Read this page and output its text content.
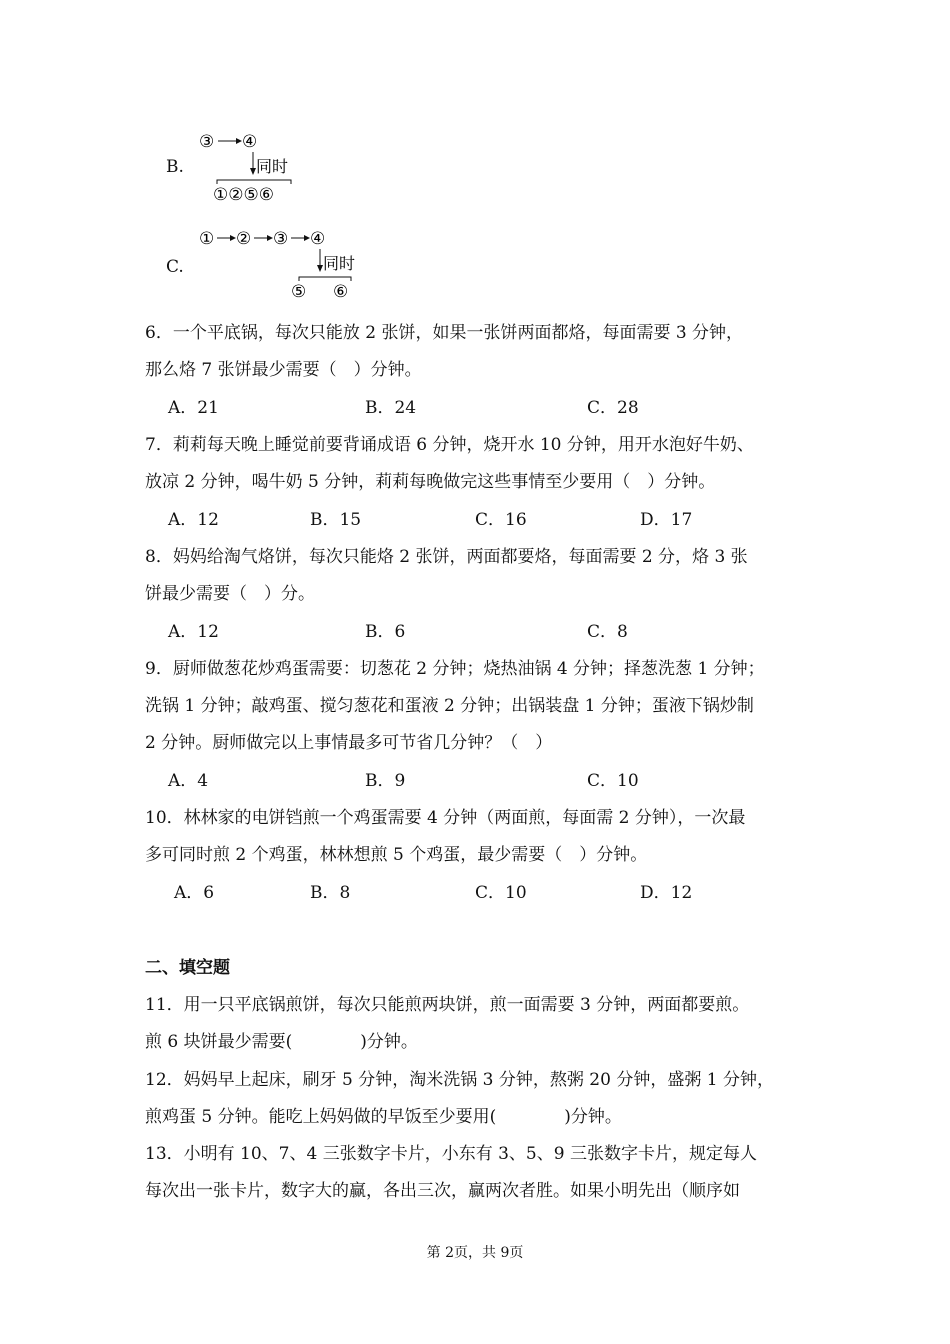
B.
③ ④
同时
①②⑤⑥
C.
① ② ③ ④
同时
⑤ ⑥
6．一个平底锅，每次只能放 2 张饼，如果一张饼两面都烙，每面需要 3 分钟，
那么烙 7 张饼最少需要（　）分钟。
A．21	B．24	C．28
7．莉莉每天晚上睡觉前要背诵成语 6 分钟，烧开水 10 分钟，用开水泡好牛奶、
放凉 2 分钟，喝牛奶 5 分钟，莉莉每晚做完这些事情至少要用（　）分钟。
A．12	B．15	C．16	D．17
8．妈妈给淘气烙饼，每次只能烙 2 张饼，两面都要烙，每面需要 2 分，烙 3 张
饼最少需要（　）分。
A．12	B．6	C．8
9．厨师做葱花炒鸡蛋需要：切葱花 2 分钟；烧热油锅 4 分钟；择葱洗葱 1 分钟；
洗锅 1 分钟；敲鸡蛋、搅匀葱花和蛋液 2 分钟；出锅装盘 1 分钟；蛋液下锅炒制
2 分钟。厨师做完以上事情最多可节省几分钟？（　）
A．4	B．9	C．10
10．林林家的电饼铛煎一个鸡蛋需要 4 分钟（两面煎，每面需 2 分钟），一次最
多可同时煎 2 个鸡蛋，林林想煎 5 个鸡蛋，最少需要（　）分钟。
A．6	B．8	C．10	D．12
二、填空题
11．用一只平底锅煎饼，每次只能煎两块饼，煎一面需要 3 分钟，两面都要煎。
煎 6 块饼最少需要(　　　　)分钟。
12．妈妈早上起床，刷牙 5 分钟，淘米洗锅 3 分钟，熬粥 20 分钟，盛粥 1 分钟，
煎鸡蛋 5 分钟。能吃上妈妈做的早饭至少要用(　　　　)分钟。
13．小明有 10、7、4 三张数字卡片，小东有 3、5、9 三张数字卡片，规定每人
每次出一张卡片，数字大的赢，各出三次，赢两次者胜。如果小明先出（顺序如
第 2页，共 9页
